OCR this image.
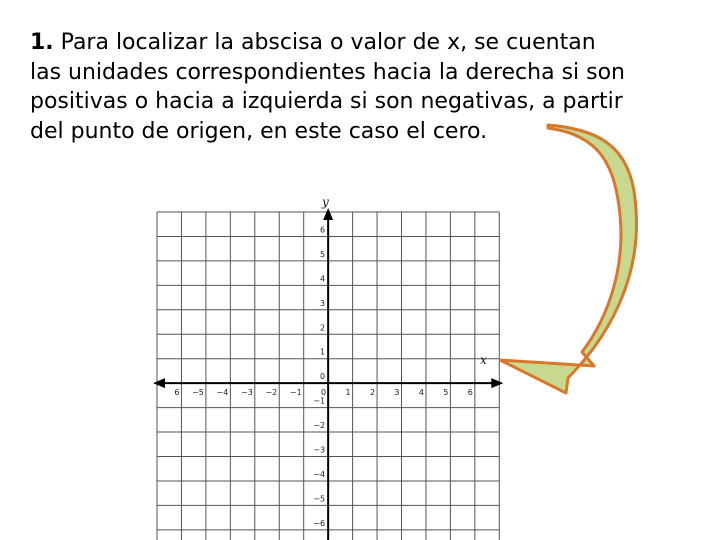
1. Para localizar la abscisa o valor de x, se cuentan
las unidades correspondientes hacia la derecha si son
positivas o hacia a izquierda si son negativas, a partir
del punto de origen, en este caso el cero.

6 −5 −4 −3 −2 −1 0 1 2 3 4 5 6
6
5
4
3
2
1
0
−1
−2
−3
−4
−5
−6
x
y
